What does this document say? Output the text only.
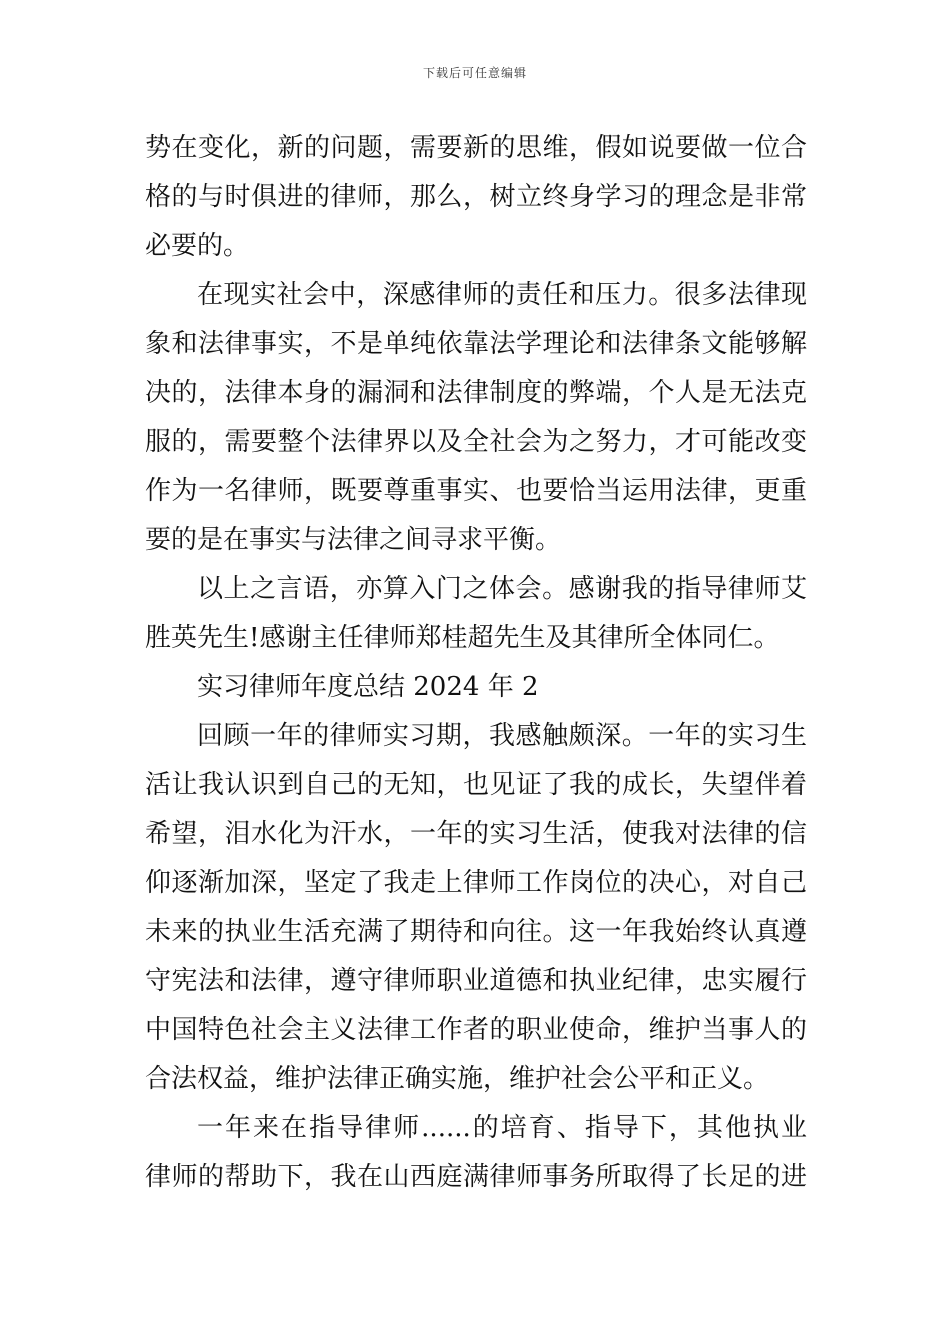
下载后可任意编辑
势在变化，新的问题，需要新的思维，假如说要做一位合
格的与时俱进的律师，那么，树立终身学习的理念是非常
必要的。
在现实社会中，深感律师的责任和压力。很多法律现
象和法律事实，不是单纯依靠法学理论和法律条文能够解
决的，法律本身的漏洞和法律制度的弊端，个人是无法克
服的，需要整个法律界以及全社会为之努力，才可能改变
作为一名律师，既要尊重事实、也要恰当运用法律，更重
要的是在事实与法律之间寻求平衡。
以上之言语，亦算入门之体会。感谢我的指导律师艾
胜英先生!感谢主任律师郑桂超先生及其律所全体同仁。
实习律师年度总结 2024 年 2
回顾一年的律师实习期，我感触颇深。一年的实习生
活让我认识到自己的无知，也见证了我的成长，失望伴着
希望，泪水化为汗水，一年的实习生活，使我对法律的信
仰逐渐加深，坚定了我走上律师工作岗位的决心，对自己
未来的执业生活充满了期待和向往。这一年我始终认真遵
守宪法和法律，遵守律师职业道德和执业纪律，忠实履行
中国特色社会主义法律工作者的职业使命，维护当事人的
合法权益，维护法律正确实施，维护社会公平和正义。
一年来在指导律师......的培育、指导下，其他执业
律师的帮助下，我在山西庭满律师事务所取得了长足的进
